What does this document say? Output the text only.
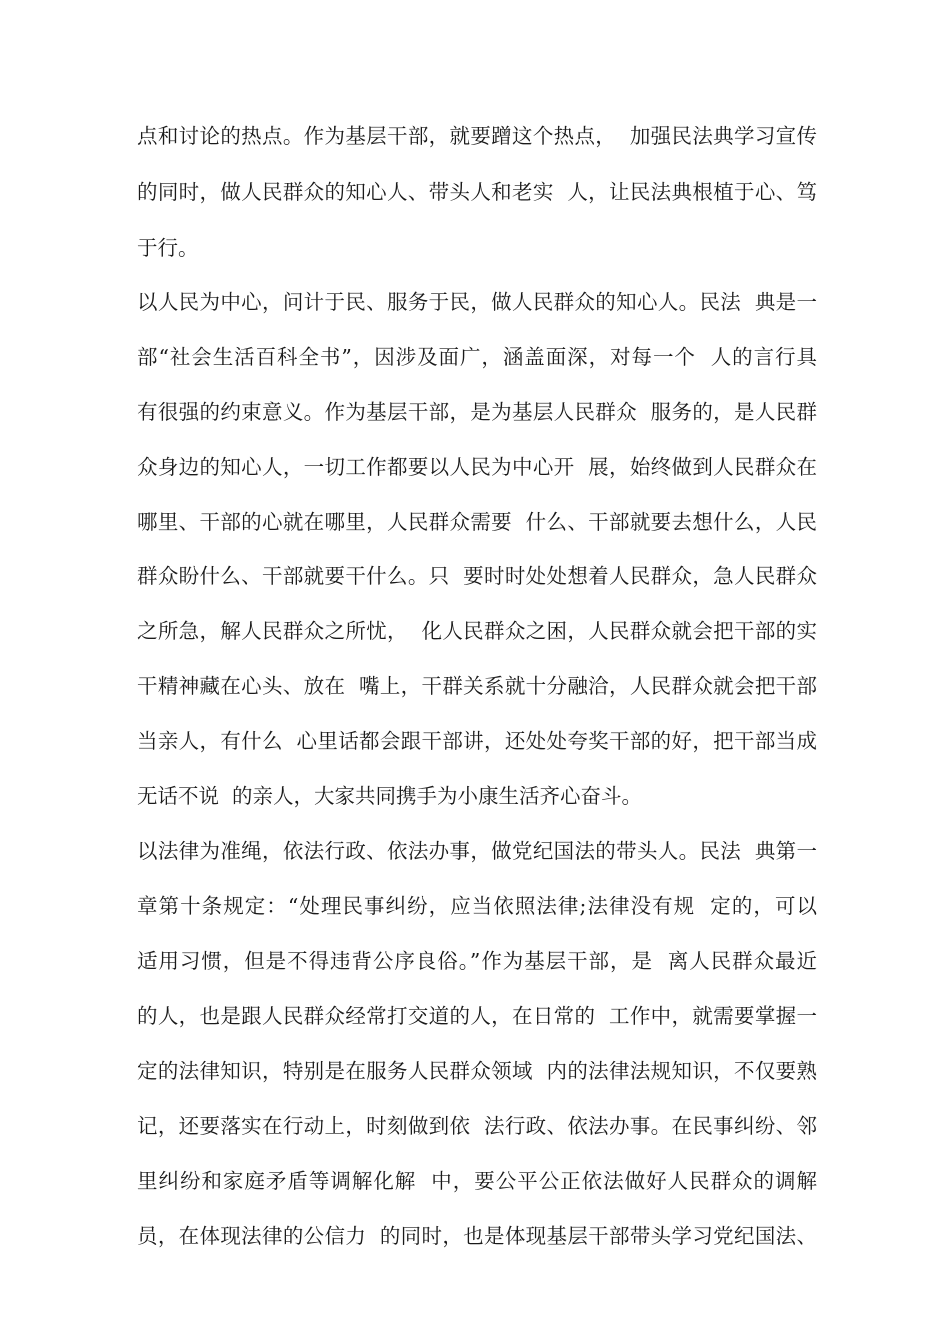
点和讨论的热点。作为基层干部，就要蹭这个热点，  加强民法典学习宣传
的同时，做人民群众的知心人、带头人和老实  人，让民法典根植于心、笃
于行。
以人民为中心，问计于民、服务于民，做人民群众的知心人。民法  典是一
部“社会生活百科全书”，因涉及面广，涵盖面深，对每一个  人的言行具
有很强的约束意义。作为基层干部，是为基层人民群众  服务的，是人民群
众身边的知心人，一切工作都要以人民为中心开  展，始终做到人民群众在
哪里、干部的心就在哪里，人民群众需要  什么、干部就要去想什么，人民
群众盼什么、干部就要干什么。只  要时时处处想着人民群众，急人民群众
之所急，解人民群众之所忧，  化人民群众之困，人民群众就会把干部的实
干精神藏在心头、放在  嘴上，干群关系就十分融洽，人民群众就会把干部
当亲人，有什么  心里话都会跟干部讲，还处处夸奖干部的好，把干部当成
无话不说  的亲人，大家共同携手为小康生活齐心奋斗。
以法律为准绳，依法行政、依法办事，做党纪国法的带头人。民法  典第一
章第十条规定：“处理民事纠纷，应当依照法律;法律没有规  定的，可以
适用习惯，但是不得违背公序良俗。”作为基层干部，是  离人民群众最近
的人，也是跟人民群众经常打交道的人，在日常的  工作中，就需要掌握一
定的法律知识，特别是在服务人民群众领域  内的法律法规知识，不仅要熟
记，还要落实在行动上，时刻做到依  法行政、依法办事。在民事纠纷、邻
里纠纷和家庭矛盾等调解化解  中，要公平公正依法做好人民群众的调解
员，在体现法律的公信力  的同时，也是体现基层干部带头学习党纪国法、
